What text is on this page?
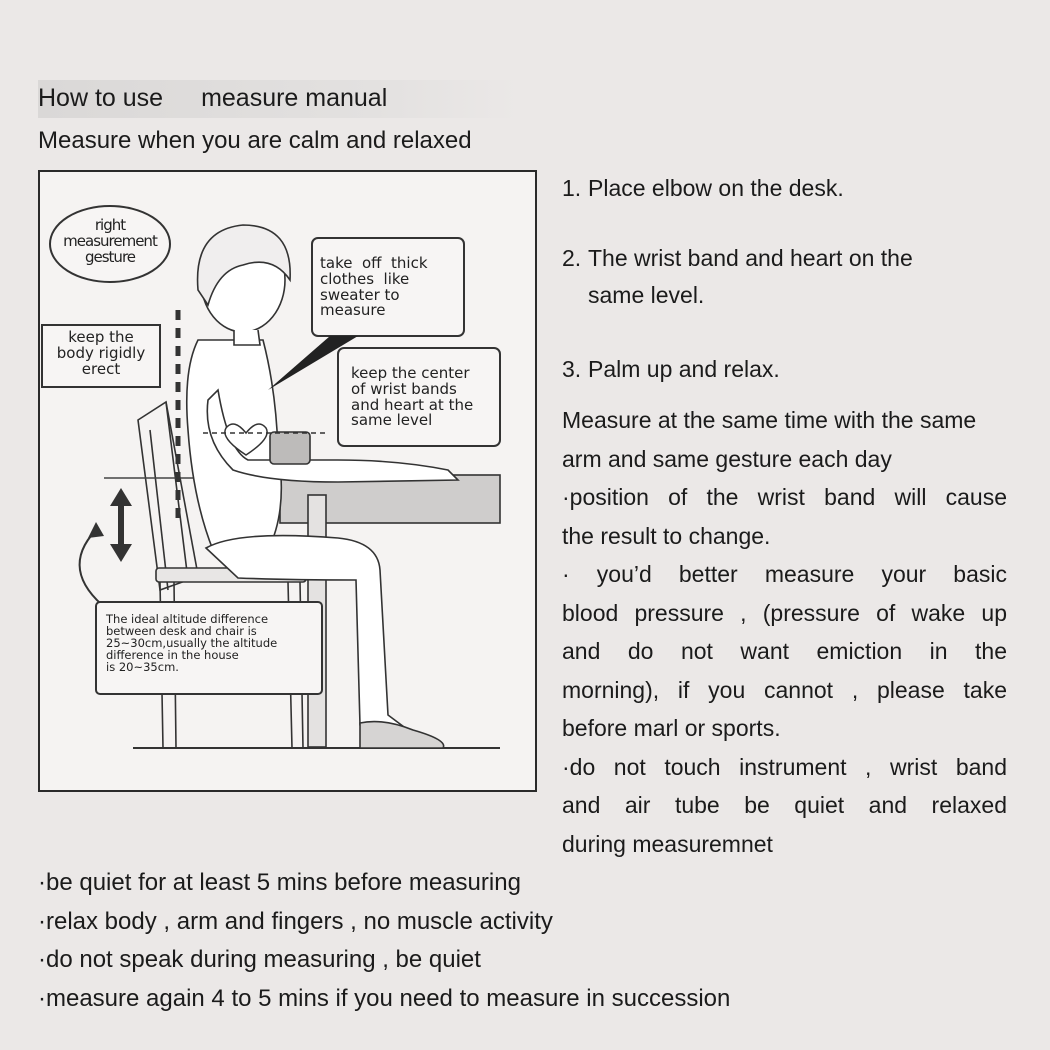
How to use measure manual
Measure when you are calm and relaxed
right
measurement
gesture
keep the
body rigidly
erect
take  off  thick
clothes  like
sweater to
measure
keep the center
of wrist bands
and heart at the
same level
The ideal altitude difference
between desk and chair is
25~30cm,usually the altitude
difference in the house
is 20~35cm.
1. Place elbow on the desk.
2. The wrist band and heart on the
same level.
3. Palm up and relax.

Measure at the same time with the same

arm and same gesture each day

·position of the wrist band will cause

the result to change.

· you’d better measure your basic

blood pressure , (pressure of wake up

and do not want emiction in the

morning), if you cannot , please take

before marl or sports.

·do not touch instrument , wrist band

and air tube be quiet and relaxed

during measuremnet

·be quiet for at least 5 mins before measuring

·relax body , arm and fingers , no muscle activity

·do not speak during measuring , be quiet

·measure again 4 to 5 mins if you need to measure in succession
